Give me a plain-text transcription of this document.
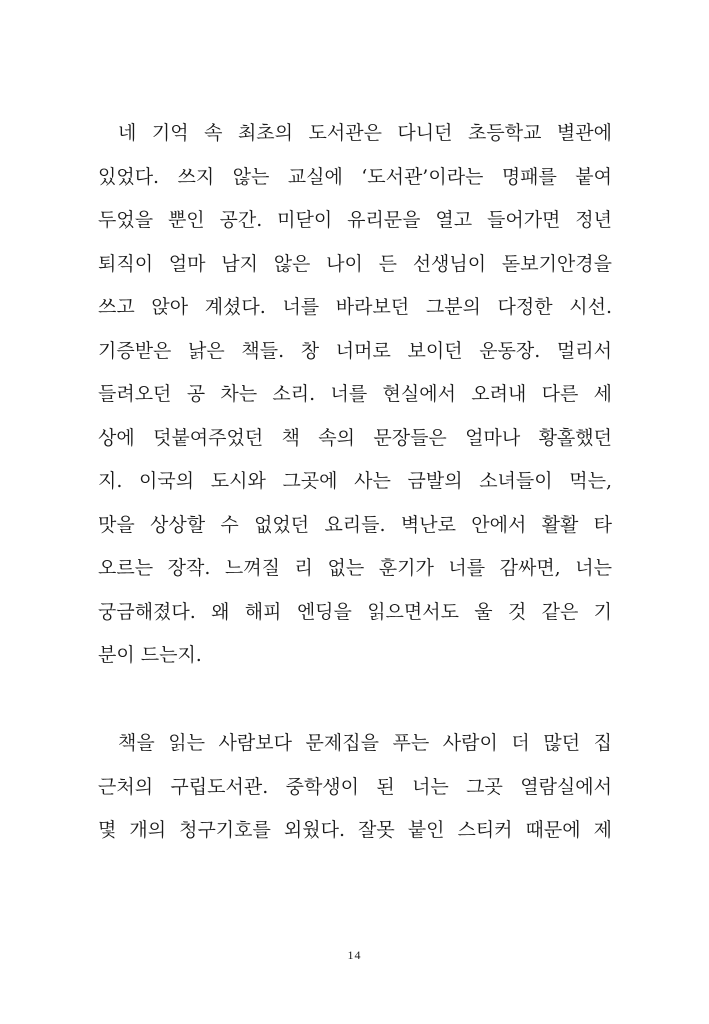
네 기억 속 최초의 도서관은 다니던 초등학교 별관에
있었다. 쓰지 않는 교실에 ‘도서관’이라는 명패를 붙여
두었을 뿐인 공간. 미닫이 유리문을 열고 들어가면 정년
퇴직이 얼마 남지 않은 나이 든 선생님이 돋보기안경을
쓰고 앉아 계셨다. 너를 바라보던 그분의 다정한 시선.
기증받은 낡은 책들. 창 너머로 보이던 운동장. 멀리서
들려오던 공 차는 소리. 너를 현실에서 오려내 다른 세
상에 덧붙여주었던 책 속의 문장들은 얼마나 황홀했던
지. 이국의 도시와 그곳에 사는 금발의 소녀들이 먹는,
맛을 상상할 수 없었던 요리들. 벽난로 안에서 활활 타
오르는 장작. 느껴질 리 없는 훈기가 너를 감싸면, 너는
궁금해졌다. 왜 해피 엔딩을 읽으면서도 울 것 같은 기
분이 드는지.
책을 읽는 사람보다 문제집을 푸는 사람이 더 많던 집
근처의 구립도서관. 중학생이 된 너는 그곳 열람실에서
몇 개의 청구기호를 외웠다. 잘못 붙인 스티커 때문에 제
14
